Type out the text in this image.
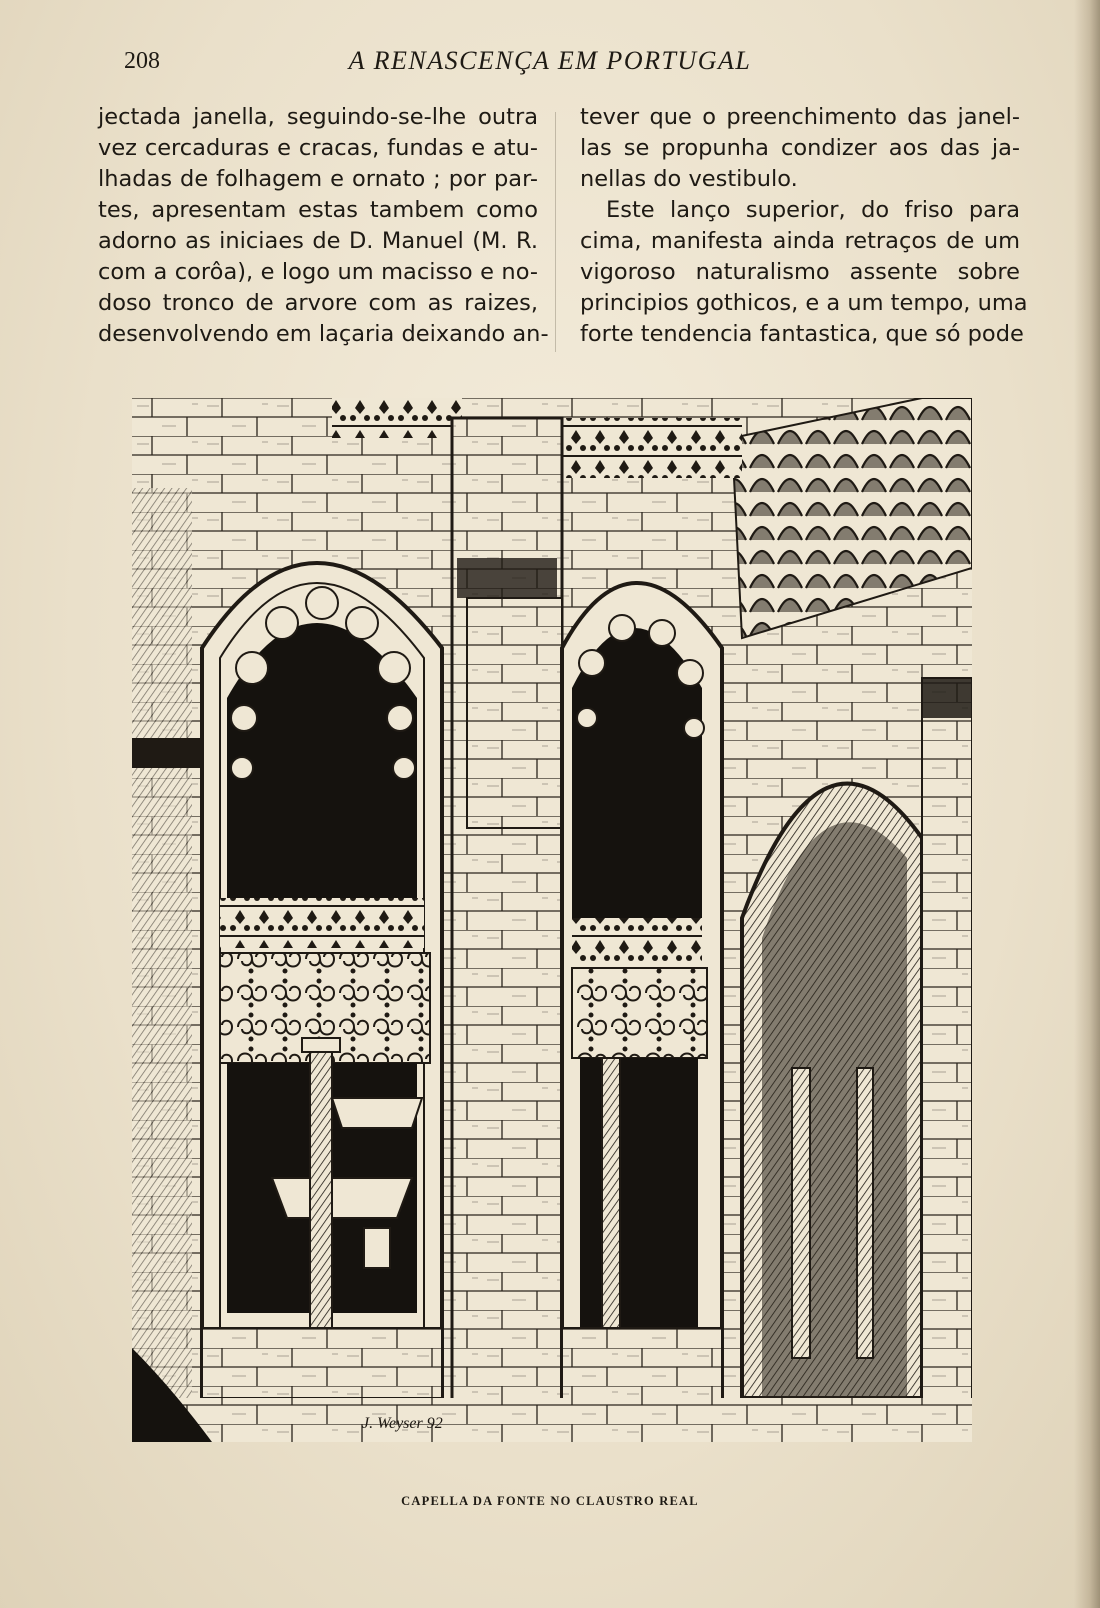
208	A RENASCENÇA EM PORTUGAL
jectada janella, seguindo-se-lhe outra
vez cercaduras e cracas, fundas e atu-
lhadas de folhagem e ornato ; por par-
tes, apresentam estas tambem como
adorno as iniciaes de D. Manuel (M. R.
com a corôa), e logo um macisso e no-
doso tronco de arvore com as raizes,
desenvolvendo em laçaria deixando an-
tever que o preenchimento das janel-
las se propunha condizer aos das ja-
nellas do vestibulo.
Este lanço superior, do friso para
cima, manifesta ainda retraços de um
vigoroso naturalismo assente sobre
principios gothicos, e a um tempo, uma
forte tendencia fantastica, que só pode
J. Weyser 92
CAPELLA DA FONTE NO CLAUSTRO REAL
